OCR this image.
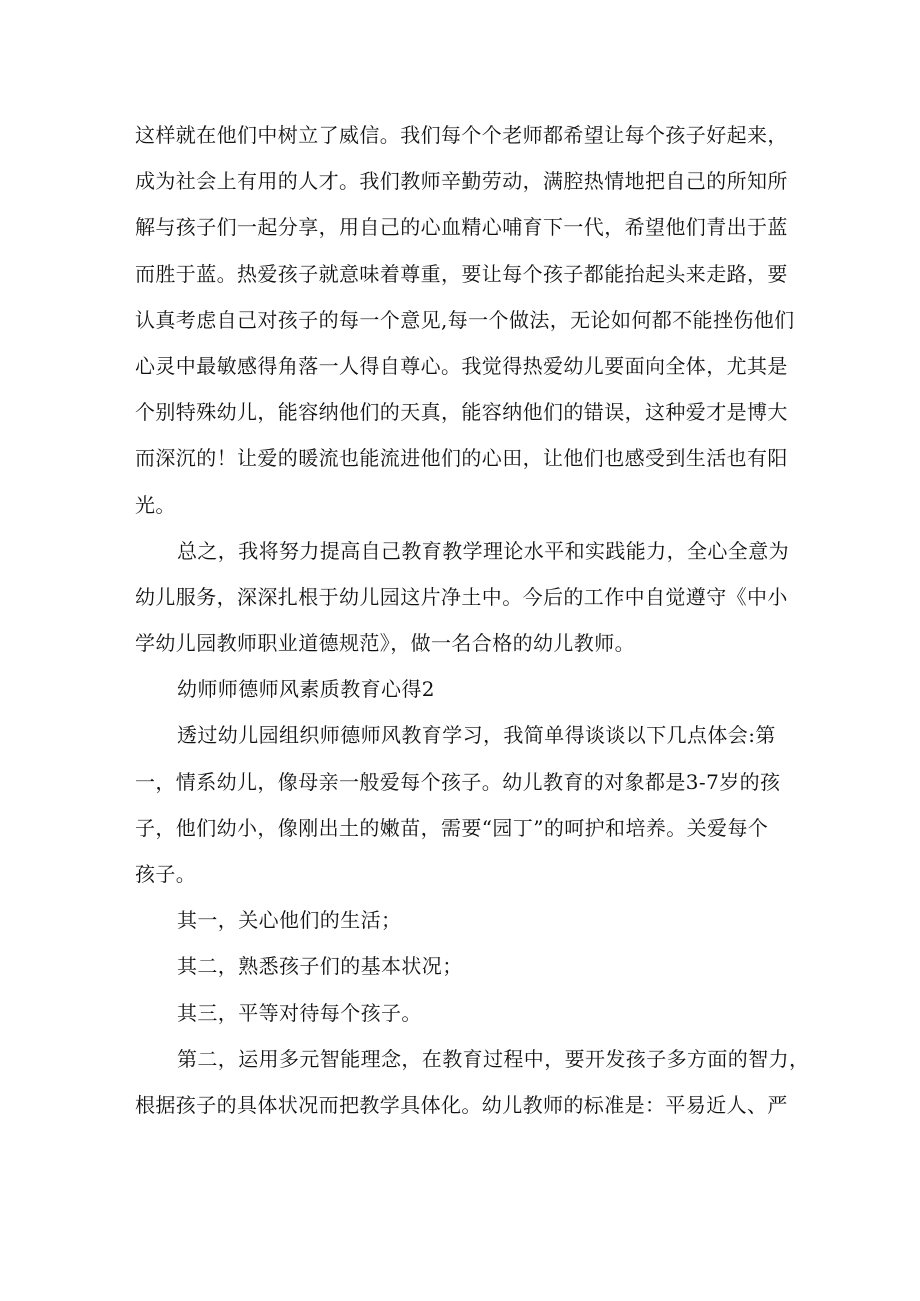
这样就在他们中树立了威信。我们每个个老师都希望让每个孩子好起来，
成为社会上有用的人才。我们教师辛勤劳动，满腔热情地把自己的所知所
解与孩子们一起分享，用自己的心血精心哺育下一代，希望他们青出于蓝
而胜于蓝。热爱孩子就意味着尊重，要让每个孩子都能抬起头来走路，要
认真考虑自己对孩子的每一个意见,每一个做法，无论如何都不能挫伤他们
心灵中最敏感得角落一人得自尊心。我觉得热爱幼儿要面向全体，尤其是
个别特殊幼儿，能容纳他们的天真，能容纳他们的错误，这种爱才是博大
而深沉的！让爱的暖流也能流进他们的心田，让他们也感受到生活也有阳
光。
总之，我将努力提高自己教育教学理论水平和实践能力，全心全意为
幼儿服务，深深扎根于幼儿园这片净土中。今后的工作中自觉遵守《中小
学幼儿园教师职业道德规范》，做一名合格的幼儿教师。
幼师师德师风素质教育心得2
透过幼儿园组织师德师风教育学习，我简单得谈谈以下几点体会:第
一，情系幼儿，像母亲一般爱每个孩子。幼儿教育的对象都是3-7岁的孩
子，他们幼小，像刚出土的嫩苗，需要“园丁”的呵护和培养。关爱每个
孩子。
其一，关心他们的生活；
其二，熟悉孩子们的基本状况；
其三，平等对待每个孩子。
第二，运用多元智能理念，在教育过程中，要开发孩子多方面的智力，
根据孩子的具体状况而把教学具体化。幼儿教师的标准是：平易近人、严
